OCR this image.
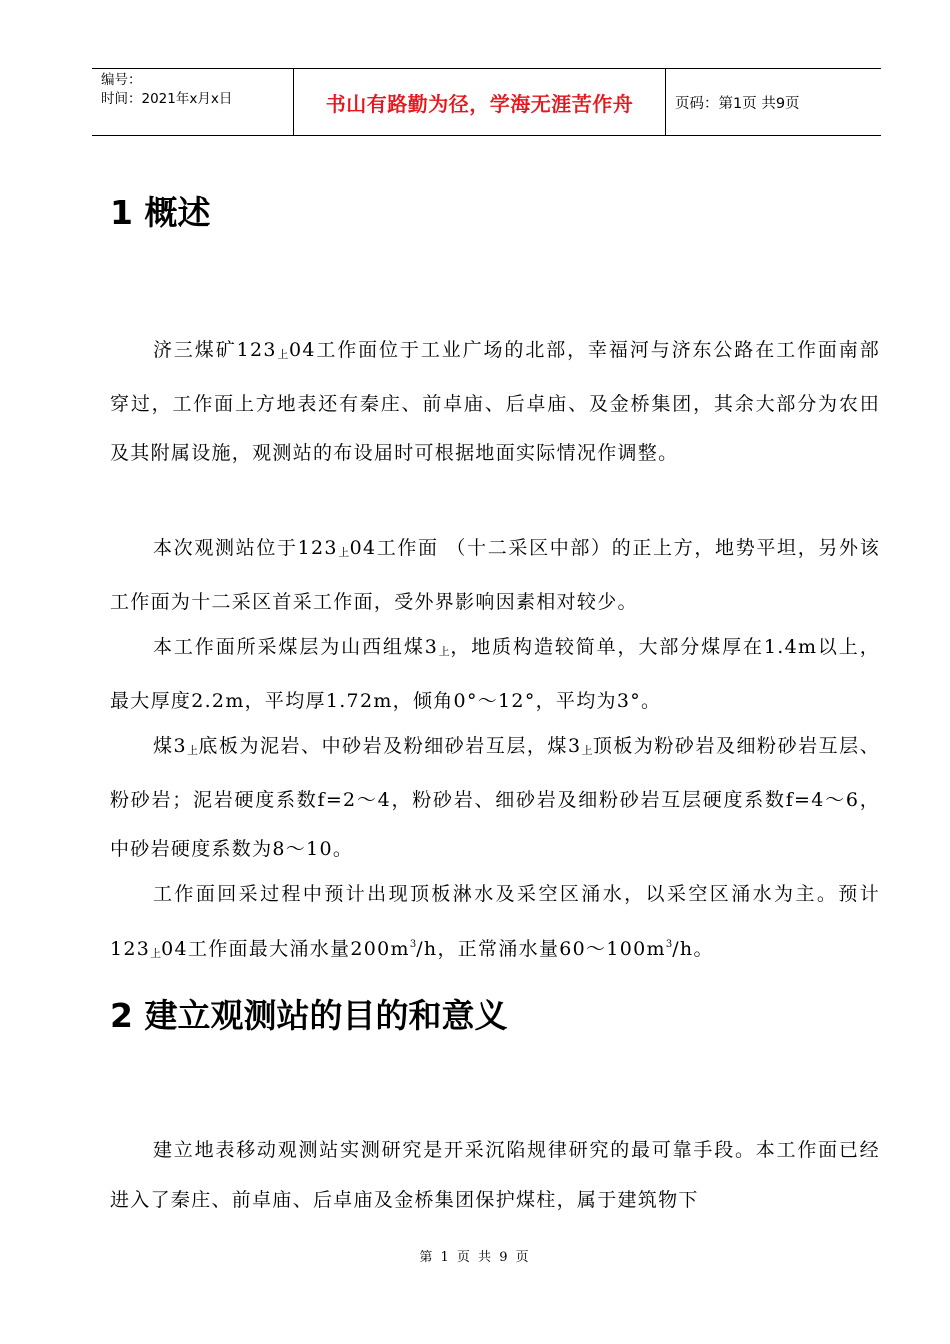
编号：
时间：2021年x月x日	书山有路勤为径，学海无涯苦作舟	页码：第1页 共9页
1 概述

济三煤矿123上04工作面位于工业广场的北部，幸福河与济东公路在工作面南部穿过，工作面上方地表还有秦庄、前卓庙、后卓庙、及金桥集团，其余大部分为农田及其附属设施，观测站的布设届时可根据地面实际情况作调整。

本次观测站位于123上04工作面 （十二采区中部）的正上方，地势平坦，另外该工作面为十二采区首采工作面，受外界影响因素相对较少。

本工作面所采煤层为山西组煤3上，地质构造较简单，大部分煤厚在1.4m以上，最大厚度2.2m，平均厚1.72m，倾角0°～12°，平均为3°。

煤3上底板为泥岩、中砂岩及粉细砂岩互层，煤3上顶板为粉砂岩及细粉砂岩互层、粉砂岩；泥岩硬度系数f=2～4，粉砂岩、细砂岩及细粉砂岩互层硬度系数f=4～6，中砂岩硬度系数为8～10。

工作面回采过程中预计出现顶板淋水及采空区涌水，以采空区涌水为主。预计123上04工作面最大涌水量$200m^3/h$，正常涌水量$60\sim 100m^3/h$。

2 建立观测站的目的和意义

建立地表移动观测站实测研究是开采沉陷规律研究的最可靠手段。本工作面已经进入了秦庄、前卓庙、后卓庙及金桥集团保护煤柱，属于建筑物下

第 1 页 共 9 页
